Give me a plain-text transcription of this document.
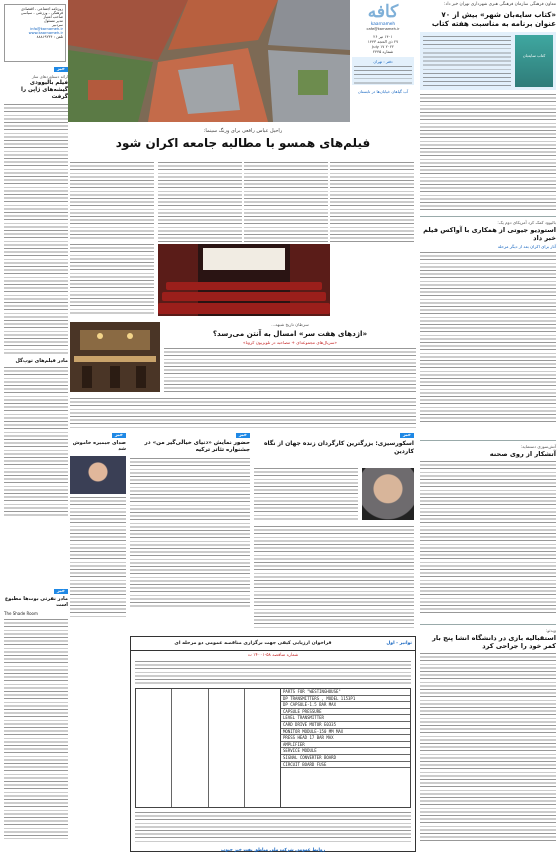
کافه
kaarnameh
cafe@karnameh.ir
۱۴۰۱ تیر ۲۶
۲۷ ذی الحجه ۱۴۴۳
۲۰۲۲ July ۱۷
شماره ۲۴۴۵
دفتر : تهران
آب گیاهان خیابان‌ها در تابستان
روزنامه اجتماعی - اقتصادی
فرهنگی - ورزشی - سیاسی
صاحب امتیاز
مدیر مسئول
سردبیر
info@karnameh.ir
www.kaarnameh.ir
تلفن : ۸۸۸۱۹۲۴۴
معاون فرهنگی سازمان فرهنگی هنری شهرداری تهران خبر داد:
«کتاب سایه‌بان شهر» بیش از ۷۰ عنوان برنامه به مناسبت هفته کتاب
کتاب سایه‌بان
خبر
ارائه دستاوردهای ساز
فیلم بالیوودی گیشه‌های ژاپن را گرفت
مادر فیلم‌های توپ‌گل
راحیل عباس رافعی برای ورنگ سینما:
فیلم‌های همسو با مطالبه جامعه اکران شود
سرطان تاریخ شبهه...
«اژدهای هفت سر» امسال به آنتن می‌رسد؟
«سریال‌های مجموعه‌ای + مصاحبه در تلویزیون کرونا»
بالیوود کمک کرد آمریکای دوم یک:
استودیو جیوتی از همکاری با آواکس فیلم خبر داد
آثار برای اکران بعد از دیگر مرحله
آتش‌سوزی دستمایه:
آتشکار از روی صحنه
خبر
اسکورسیزی: بزرگترین کارگردان زنده جهان از نگاه کاردین
خبر
حضور نمایش «دنیای خیالی‌گیر من» در جشنواره تئاتر ترکیه
خبر
صدای جیمیره خاموش شد
خبر
مادر نفرتی بوت‌ها مطبوع است
The Shade Room
توانیر - اول
فراخوان ارزیابی کیفی جهت برگزاری مناقصه عمومی دو مرحله ای
شماره مناقصه ۵۸-۱۴۰۰۱ ت
PARTS FOR "WESTINGHOUSE"
DP TRANSMITTERS , MODEL 1153P1
DP CAPSULE-1.5 BAR MAX
CAPSULE PRESSURE
LEVEL TRANSMITTER
CARD DRIVE MOTOR E0335
MONITOR MODULE-150 MM MAX
PRESS HEAD 17 BAR MAX
AMPLIFIER
SERVICE MODULE
SIGNAL CONVERTER BOARD
CIRCUIT BOARD FUSE
روابط عمومی شرکت ملی مناطق نفت خیز جنوب
ویدئو:
استقبالیه بازی در دانشگاه انشا پنج بار کمر خود را جراحی کرد
